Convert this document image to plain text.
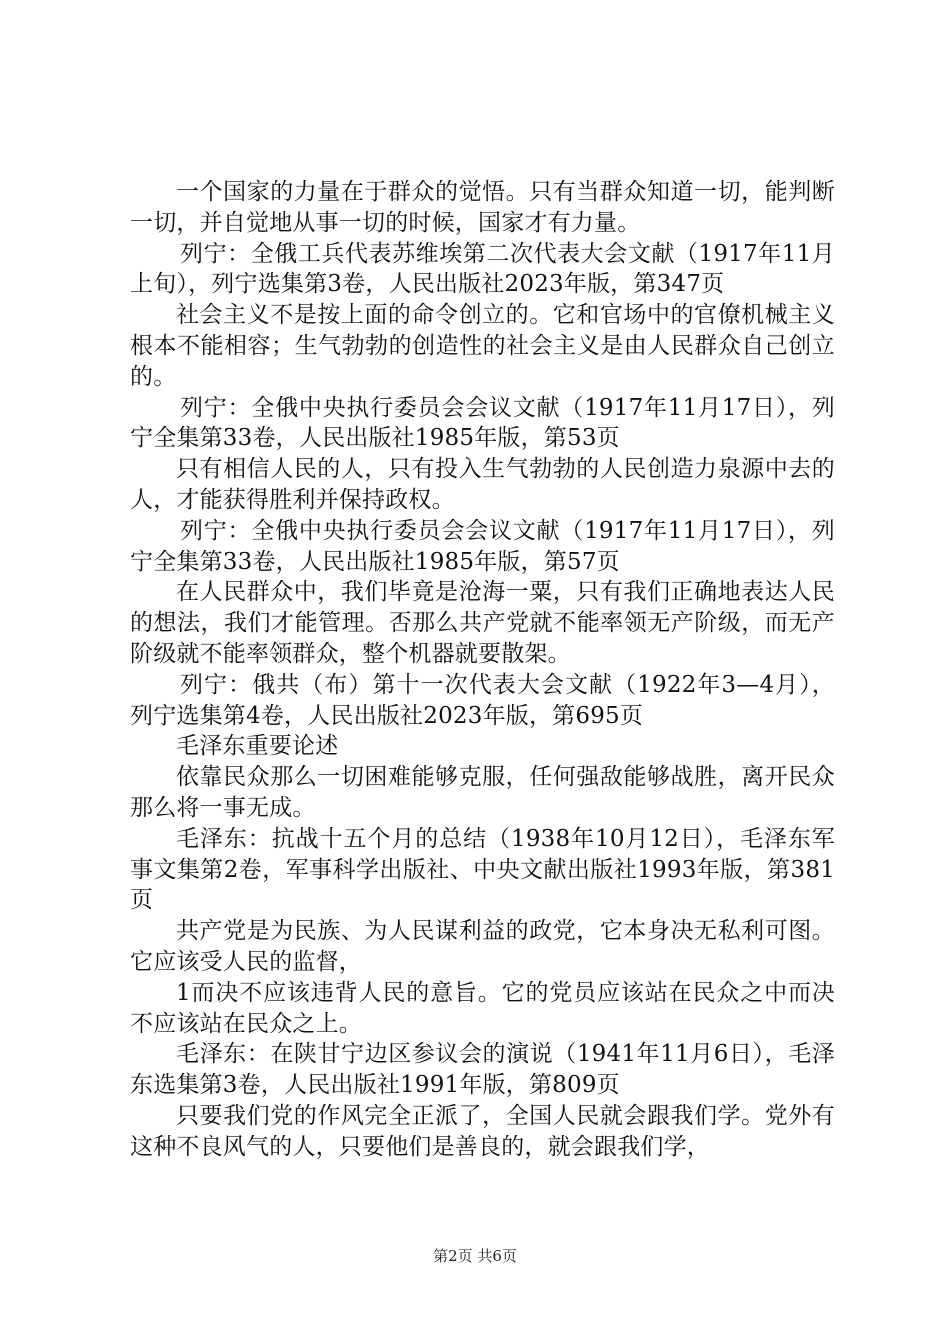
一个国家的力量在于群众的觉悟。只有当群众知道一切，能判断一切，并自觉地从事一切的时候，国家才有力量。

列宁：全俄工兵代表苏维埃第二次代表大会文献（1917年11月上旬），列宁选集第3卷，人民出版社2023年版，第347页

社会主义不是按上面的命令创立的。它和官场中的官僚机械主义根本不能相容；生气勃勃的创造性的社会主义是由人民群众自己创立的。

列宁：全俄中央执行委员会会议文献（1917年11月17日），列宁全集第33卷，人民出版社1985年版，第53页

只有相信人民的人，只有投入生气勃勃的人民创造力泉源中去的人，才能获得胜利并保持政权。

列宁：全俄中央执行委员会会议文献（1917年11月17日），列宁全集第33卷，人民出版社1985年版，第57页

在人民群众中，我们毕竟是沧海一粟，只有我们正确地表达人民的想法，我们才能管理。否那么共产党就不能率领无产阶级，而无产阶级就不能率领群众，整个机器就要散架。

列宁：俄共（布）第十一次代表大会文献（1922年3—4月），列宁选集第4卷，人民出版社2023年版，第695页

毛泽东重要论述

依靠民众那么一切困难能够克服，任何强敌能够战胜，离开民众那么将一事无成。

毛泽东：抗战十五个月的总结（1938年10月12日），毛泽东军事文集第2卷，军事科学出版社、中央文献出版社1993年版，第381页

共产党是为民族、为人民谋利益的政党，它本身决无私利可图。它应该受人民的监督，

1而决不应该违背人民的意旨。它的党员应该站在民众之中而决不应该站在民众之上。

毛泽东：在陕甘宁边区参议会的演说（1941年11月6日），毛泽东选集第3卷，人民出版社1991年版，第809页

只要我们党的作风完全正派了，全国人民就会跟我们学。党外有这种不良风气的人，只要他们是善良的，就会跟我们学，

第2页 共6页
